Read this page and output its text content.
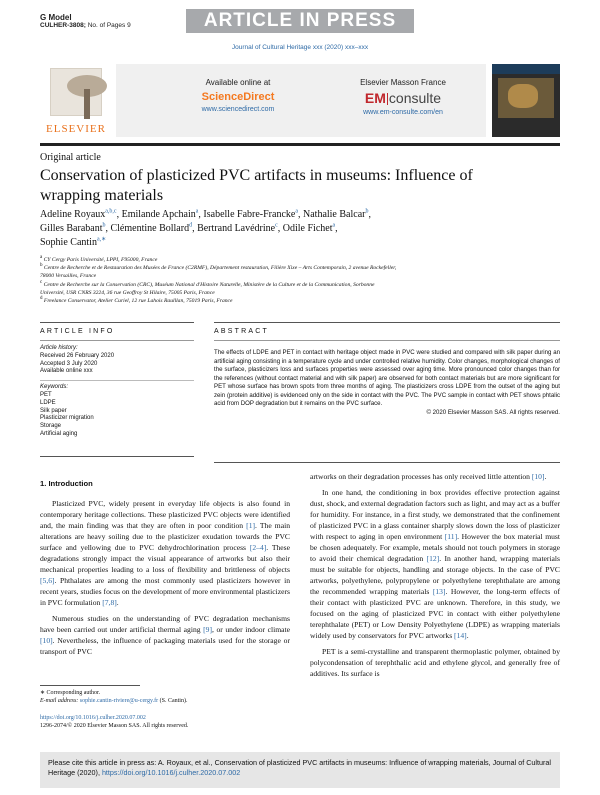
G Model
CULHER-3808; No. of Pages 9	ARTICLE IN PRESS
Journal of Cultural Heritage xxx (2020) xxx–xxx
ELSEVIER
Available online at
ScienceDirect
www.sciencedirect.com
Elsevier Masson France
EM consulte
www.em-consulte.com/en
Original article
Conservation of plasticized PVC artifacts in museums: Influence of wrapping materials
Adeline Royaux$^{a,b,c}$, Emilande Apchain$^a$, Isabelle Fabre-Francke$^a$, Nathalie Balcar$^b$,
Gilles Barabant$^b$, Clémentine Bollard$^d$, Bertrand Lavédrine$^c$, Odile Fichet$^a$,
Sophie Cantin$^{a,∗}$
$^a$ CY Cergy Paris Université, LPPI, F95000, France
$^b$ Centre de Recherche et de Restauration des Musées de France (C2RMF), Département restauration, Filière Xixe – Arts Contemporain, 2 avenue Rockefeller,
78000 Versailles, France
$^c$ Centre de Recherche sur la Conservation (CRC), Muséum National d'Histoire Naturelle, Ministère de la Culture et de la Communication, Sorbonne
Université, USR CNRS 3224, 36 rue Geoffroy St Hilaire, 75005 Paris, France
$^d$ Freelance Conservator, Atelier Curiel, 12 rue Lahois Raulllan, 75019 Paris, France
ARTICLE INFO	ABSTRACT
Article history:
Received 26 February 2020
Accepted 3 July 2020
Available online xxx
Keywords:
PET
LDPE
Silk paper
Plasticizer migration
Storage
Artificial aging
The effects of LDPE and PET in contact with heritage object made in PVC were studied and compared with silk paper during an artificial aging consisting in a temperature cycle and under controlled relative humidity. Color changes, morphological changes of the surface, plasticizers loss and surfaces properties were assessed over aging time. More pronounced color changes than for the references (without contact material and with silk paper) are observed for both contact materials but are more significant for PET whose surface has brown spots from three months of aging. The plasticizers cross LDPE from the outset of the aging but zein (protein additive) is evidenced only on the side in contact with the PVC. The PVC sample in contact with PET shows phtalic acid from DOP degradation but it remains on the PVC surface.
© 2020 Elsevier Masson SAS. All rights reserved.
1. Introduction

Plasticized PVC, widely present in everyday life objects is also found in contemporary heritage collections. These plasticized PVC objects were identified and, the main finding was that they are often in poor condition [1]. The main alterations are heavy soiling due to the plasticizer exudation towards the PVC surface and yellowing due to PVC dehydrochlorination process [2–4]. These degradations strongly impact the visual appearance of artworks but also their mechanical properties leading to a loss of flexibility and brittleness of objects [5,6]. Phthalates are among the most commonly used plasticizers however in recent years, studies focus on the development of more environmental plasticizers in PVC formulation [7,8].

Numerous studies on the understanding of PVC degradation mechanisms have been carried out under artificial thermal aging [9], or under indoor climate [10]. Nevertheless, the influence of packaging materials used for the storage or transport of PVC

artworks on their degradation processes has only received little attention [10].

In one hand, the conditioning in box provides effective protection against dust, shock, and external degradation factors such as light, and may act as a buffer for humidity. For instance, in a first study, we demonstrated that the confinement of plasticized PVC in a glass container sharply slows down the loss of plasticizer with respect to aging in open environment [11]. However the box material must be chosen adequately. For example, metals should not touch polymers in storage to avoid their chemical degradation [12]. In another hand, wrapping materials must be suitable for objects, handling and storage objects. In the case of PVC artworks, polyethylene, polypropylene or polyethylene terephthalate are among the recommended wrapping materials [13]. However, the long-term effects of their contact with plasticized PVC are unknown. Therefore, in this study, we focused on the aging of plasticized PVC in contact with either polyethylene terephthalate (PET) or Low Density Polyethylene (LDPE) as wrapping materials widely used by conservators for PVC artworks [14].

PET is a semi-crystalline and transparent thermoplastic polymer, obtained by polycondensation of terephthalic acid and ethylene glycol, and generally free of additives. Its surface is

∗ Corresponding author.
E-mail address: sophie.cantin-riviere@u-cergy.fr (S. Cantin).
https://doi.org/10.1016/j.culher.2020.07.002
1296-2074/© 2020 Elsevier Masson SAS. All rights reserved.
Please cite this article in press as: A. Royaux, et al., Conservation of plasticized PVC artifacts in museums: Influence of wrapping materials, Journal of Cultural Heritage (2020), https://doi.org/10.1016/j.culher.2020.07.002
